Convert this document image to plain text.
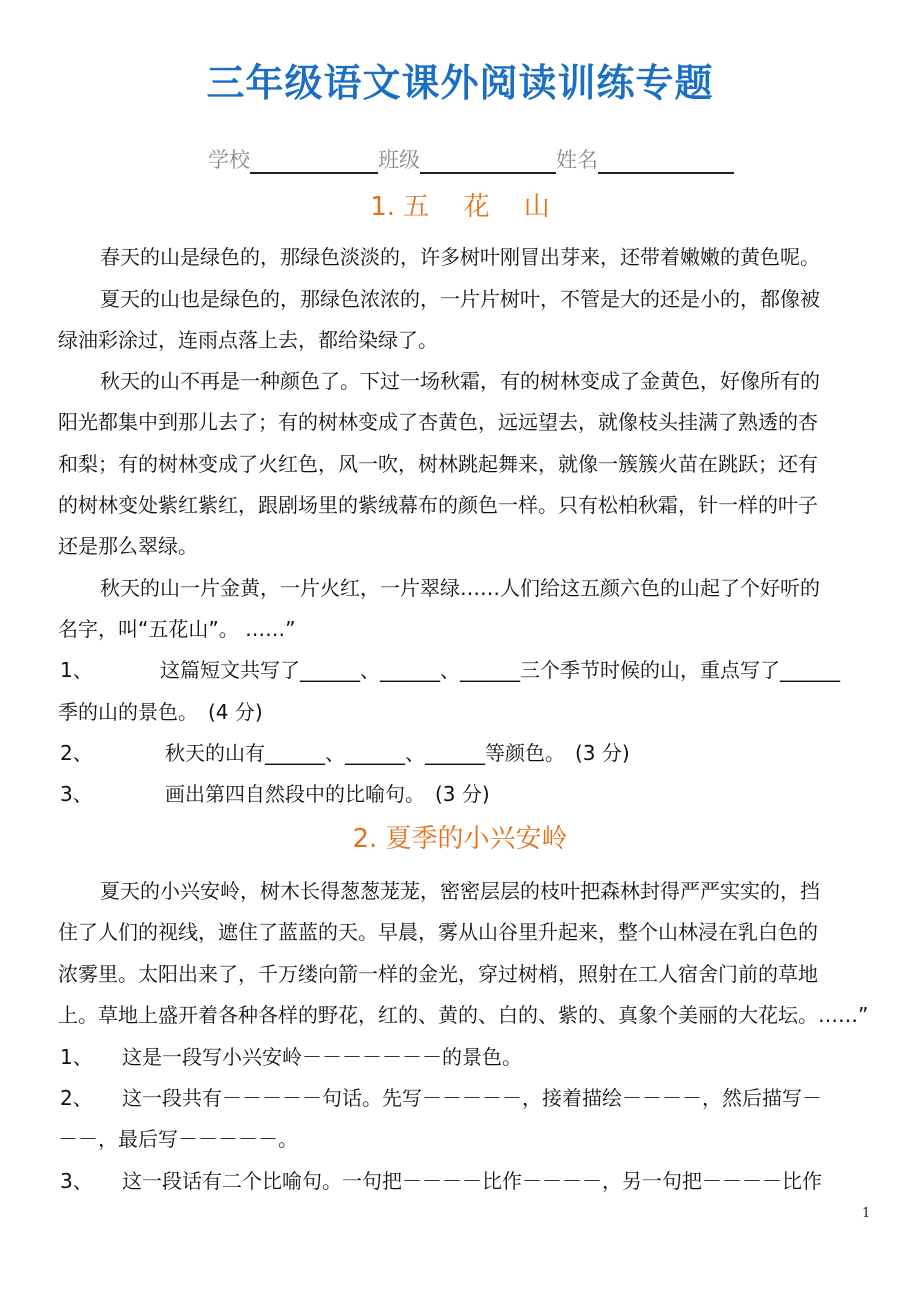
三年级语文课外阅读训练专题
学校	班级	姓名
1. 五　 花　 山
春天的山是绿色的，那绿色淡淡的，许多树叶刚冒出芽来，还带着嫩嫩的黄色呢。
夏天的山也是绿色的，那绿色浓浓的，一片片树叶，不管是大的还是小的，都像被
绿油彩涂过，连雨点落上去，都给染绿了。
秋天的山不再是一种颜色了。下过一场秋霜，有的树林变成了金黄色，好像所有的
阳光都集中到那儿去了；有的树林变成了杏黄色，远远望去，就像枝头挂满了熟透的杏
和梨；有的树林变成了火红色，风一吹，树林跳起舞来，就像一簇簇火苗在跳跃；还有
的树林变处紫红紫红，跟剧场里的紫绒幕布的颜色一样。只有松柏秋霜，针一样的叶子
还是那么翠绿。
秋天的山一片金黄，一片火红，一片翠绿……人们给这五颜六色的山起了个好听的
名字，叫“五花山”。 ……”
1、	这篇短文共写了______、______、______三个季节时候的山，重点写了______
季的山的景色。　(4 分)
2、	秋天的山有______、______、______等颜色。　(3 分)
3、	画出第四自然段中的比喻句。　(3 分)
2. 夏季的小兴安岭
夏天的小兴安岭，树木长得葱葱茏茏，密密层层的枝叶把森林封得严严实实的，挡
住了人们的视线，遮住了蓝蓝的天。早晨，雾从山谷里升起来，整个山林浸在乳白色的
浓雾里。太阳出来了，千万缕向箭一样的金光，穿过树梢，照射在工人宿舍门前的草地
上。草地上盛开着各种各样的野花，红的、黄的、白的、紫的、真象个美丽的大花坛。……”
1、 这是一段写小兴安岭－－－－－－－的景色。
2、 这一段共有－－－－－句话。先写－－－－－，接着描绘－－－－，然后描写－
－－，最后写－－－－－。
3、 这一段话有二个比喻句。一句把－－－－比作－－－－，另一句把－－－－比作
1
